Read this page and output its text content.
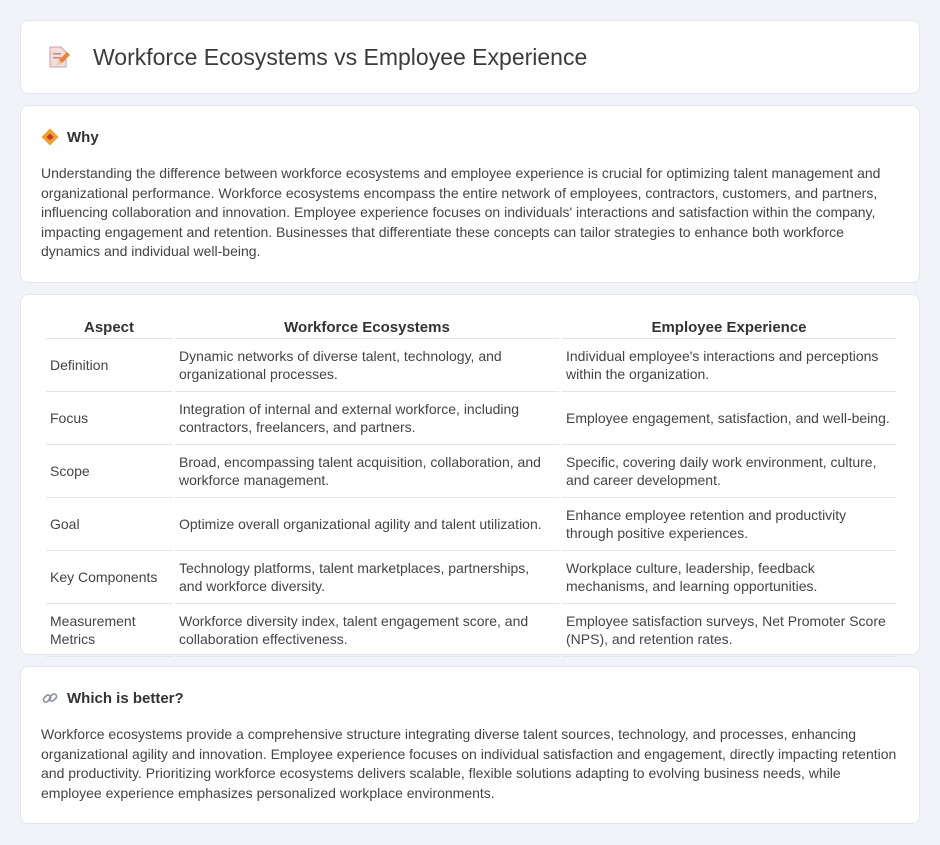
Workforce Ecosystems vs Employee Experience
Why

Understanding the difference between workforce ecosystems and employee experience is crucial for optimizing talent management and organizational performance. Workforce ecosystems encompass the entire network of employees, contractors, customers, and partners, influencing collaboration and innovation. Employee experience focuses on individuals' interactions and satisfaction within the company, impacting engagement and retention. Businesses that differentiate these concepts can tailor strategies to enhance both workforce dynamics and individual well-being.

Aspect	Workforce Ecosystems	Employee Experience
Definition	Dynamic networks of diverse talent, technology, and organizational processes.	Individual employee's interactions and perceptions within the organization.
Focus	Integration of internal and external workforce, including contractors, freelancers, and partners.	Employee engagement, satisfaction, and well-being.
Scope	Broad, encompassing talent acquisition, collaboration, and workforce management.	Specific, covering daily work environment, culture, and career development.
Goal	Optimize overall organizational agility and talent utilization.	Enhance employee retention and productivity through positive experiences.
Key Components	Technology platforms, talent marketplaces, partnerships, and workforce diversity.	Workplace culture, leadership, feedback mechanisms, and learning opportunities.
Measurement Metrics	Workforce diversity index, talent engagement score, and collaboration effectiveness.	Employee satisfaction surveys, Net Promoter Score (NPS), and retention rates.
Which is better?

Workforce ecosystems provide a comprehensive structure integrating diverse talent sources, technology, and processes, enhancing organizational agility and innovation. Employee experience focuses on individual satisfaction and engagement, directly impacting retention and productivity. Prioritizing workforce ecosystems delivers scalable, flexible solutions adapting to evolving business needs, while employee experience emphasizes personalized workplace environments.
